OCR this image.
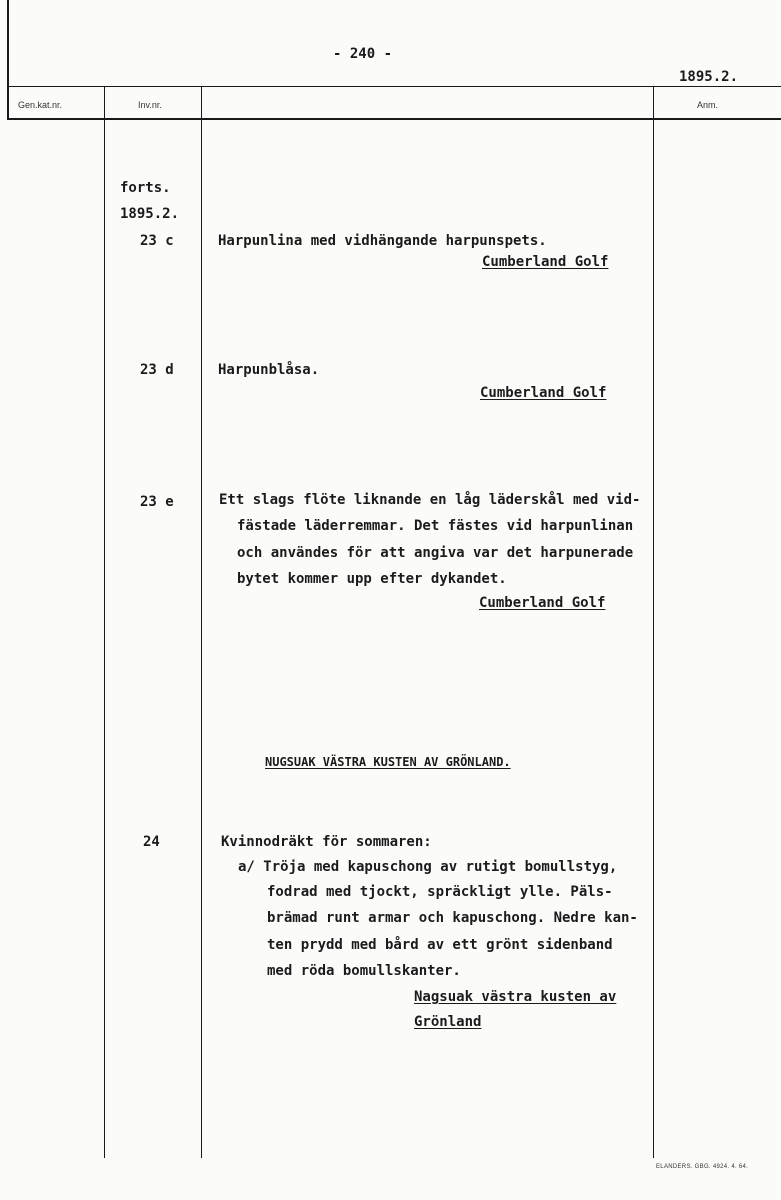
- 240 -
1895.2.
Gen.kat.nr.	Inv.nr.	Anm.
forts.
1895.2.
23 c	Harpunlina med vidhängande harpunspets.
Cumberland Golf
23 d	Harpunblåsa.
Cumberland Golf
23 e	Ett slags flöte liknande en låg läderskål med vid-
fästade läderremmar. Det fästes vid harpunlinan
och användes för att angiva var det harpunerade
bytet kommer upp efter dykandet.
Cumberland Golf
NUGSUAK VÄSTRA KUSTEN AV GRÖNLAND.
24	Kvinnodräkt för sommaren:
a/ Tröja med kapuschong av rutigt bomullstyg,
fodrad med tjockt, spräckligt ylle. Päls-
brämad runt armar och kapuschong. Nedre kan-
ten prydd med bård av ett grönt sidenband
med röda bomullskanter.
Nagsuak västra kusten av
Grönland
ELANDERS. GBG. 4924. 4. 64.
